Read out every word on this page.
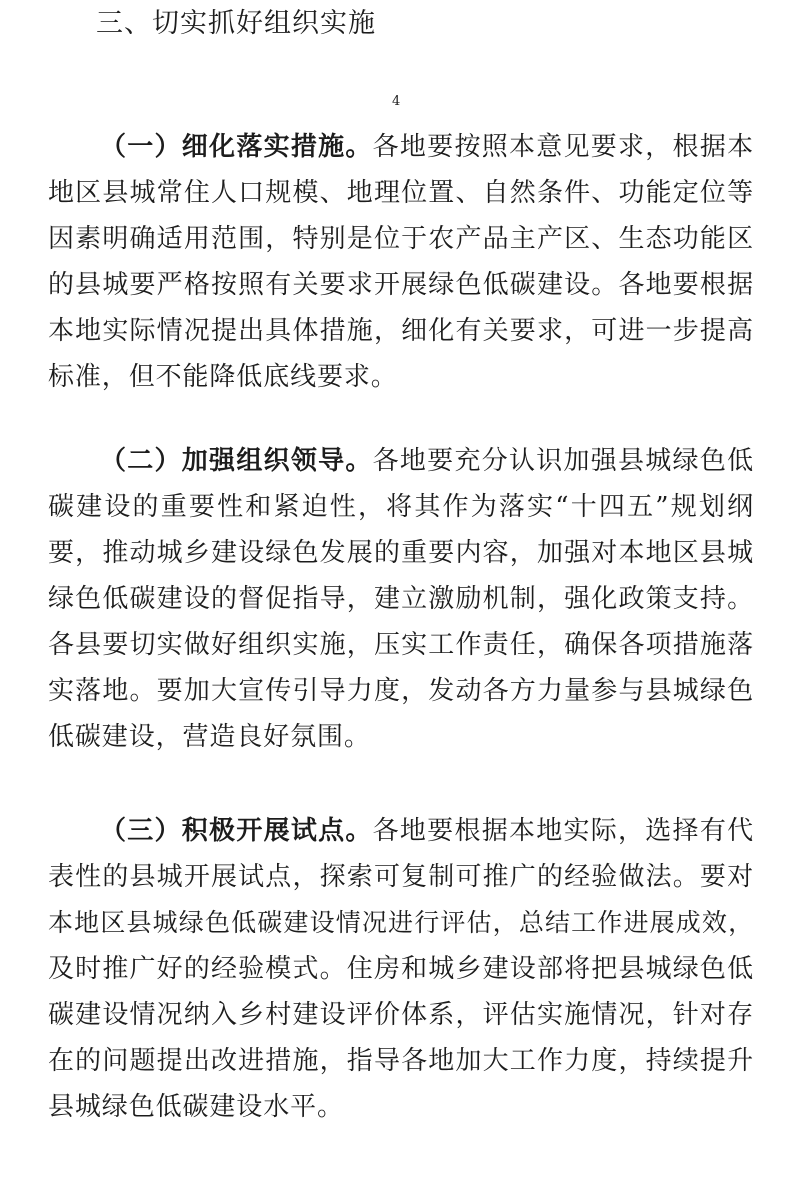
三、切实抓好组织实施
4
（一）细化落实措施。各地要按照本意见要求，根据本
地区县城常住人口规模、地理位置、自然条件、功能定位等
因素明确适用范围，特别是位于农产品主产区、生态功能区
的县城要严格按照有关要求开展绿色低碳建设。各地要根据
本地实际情况提出具体措施，细化有关要求，可进一步提高
标准，但不能降低底线要求。
（二）加强组织领导。各地要充分认识加强县城绿色低
碳建设的重要性和紧迫性，将其作为落实“十四五”规划纲
要，推动城乡建设绿色发展的重要内容，加强对本地区县城
绿色低碳建设的督促指导，建立激励机制，强化政策支持。
各县要切实做好组织实施，压实工作责任，确保各项措施落
实落地。要加大宣传引导力度，发动各方力量参与县城绿色
低碳建设，营造良好氛围。
（三）积极开展试点。各地要根据本地实际，选择有代
表性的县城开展试点，探索可复制可推广的经验做法。要对
本地区县城绿色低碳建设情况进行评估，总结工作进展成效，
及时推广好的经验模式。住房和城乡建设部将把县城绿色低
碳建设情况纳入乡村建设评价体系，评估实施情况，针对存
在的问题提出改进措施，指导各地加大工作力度，持续提升
县城绿色低碳建设水平。
